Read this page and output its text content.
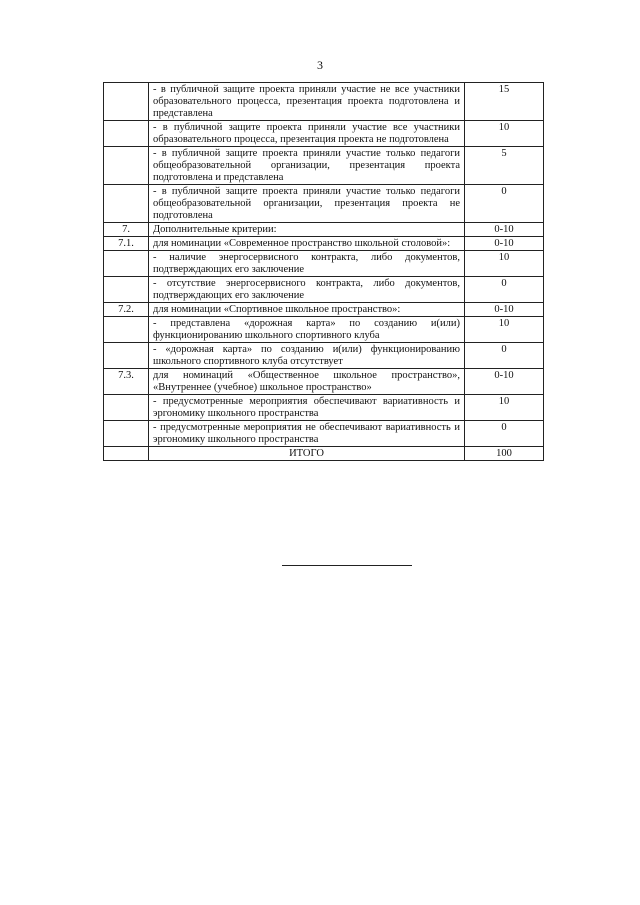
3
	- в публичной защите проекта приняли участие не все участники образовательного процесса, презентация проекта подготовлена и представлена	15
	- в публичной защите проекта приняли участие все участники образовательного процесса, презентация проекта не подготовлена	10
	- в публичной защите проекта приняли участие только педагоги общеобразовательной организации, презентация проекта подготовлена и представлена	5
	- в публичной защите проекта приняли участие только педагоги общеобразовательной организации, презентация проекта не подготовлена	0
7.	Дополнительные критерии:	0-10
7.1.	для номинации «Современное пространство школьной столовой»:	0-10
	- наличие энергосервисного контракта, либо документов, подтверждающих его заключение	10
	- отсутствие энергосервисного контракта, либо документов, подтверждающих его заключение	0
7.2.	для номинации «Спортивное школьное пространство»:	0-10
	- представлена «дорожная карта» по созданию и(или) функционированию школьного спортивного клуба	10
	- «дорожная карта» по созданию и(или) функционированию школьного спортивного клуба отсутствует	0
7.3.	для номинаций «Общественное школьное пространство», «Внутреннее (учебное) школьное пространство»	0-10
	- предусмотренные мероприятия обеспечивают вариативность и эргономику школьного пространства	10
	- предусмотренные мероприятия не обеспечивают вариативность и эргономику школьного пространства	0
	ИТОГО	100
